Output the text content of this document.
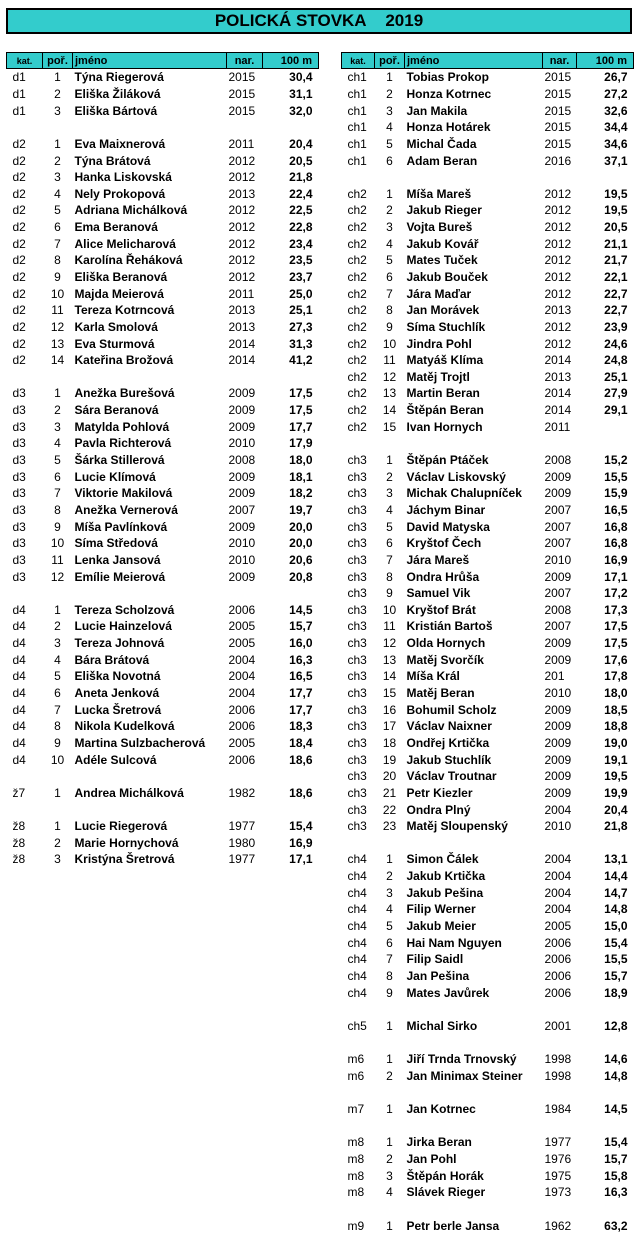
POLICKÁ STOVKA 2019
kat.	poř.	jméno	nar.	100 m
d1	1	Týna Riegerová	2015	30,4
d1	2	Eliška Žiláková	2015	31,1
d1	3	Eliška Bártová	2015	32,0

d2	1	Eva Maixnerová	2011	20,4
d2	2	Týna Brátová	2012	20,5
d2	3	Hanka Liskovská	2012	21,8
d2	4	Nely Prokopová	2013	22,4
d2	5	Adriana Michálková	2012	22,5
d2	6	Ema Beranová	2012	22,8
d2	7	Alice Melicharová	2012	23,4
d2	8	Karolína Řeháková	2012	23,5
d2	9	Eliška Beranová	2012	23,7
d2	10	Majda Meierová	2011	25,0
d2	11	Tereza Kotrncová	2013	25,1
d2	12	Karla Smolová	2013	27,3
d2	13	Eva Sturmová	2014	31,3
d2	14	Kateřina Brožová	2014	41,2

d3	1	Anežka Burešová	2009	17,5
d3	2	Sára Beranová	2009	17,5
d3	3	Matylda Pohlová	2009	17,7
d3	4	Pavla Richterová	2010	17,9
d3	5	Šárka Stillerová	2008	18,0
d3	6	Lucie Klímová	2009	18,1
d3	7	Viktorie Makilová	2009	18,2
d3	8	Anežka Vernerová	2007	19,7
d3	9	Míša Pavlínková	2009	20,0
d3	10	Síma Středová	2010	20,0
d3	11	Lenka Jansová	2010	20,6
d3	12	Emílie Meierová	2009	20,8

d4	1	Tereza Scholzová	2006	14,5
d4	2	Lucie Hainzelová	2005	15,7
d4	3	Tereza Johnová	2005	16,0
d4	4	Bára Brátová	2004	16,3
d4	5	Eliška Novotná	2004	16,5
d4	6	Aneta Jenková	2004	17,7
d4	7	Lucka Šretrová	2006	17,7
d4	8	Nikola Kudelková	2006	18,3
d4	9	Martina Sulzbacherová	2005	18,4
d4	10	Adéle Sulcová	2006	18,6

ž7	1	Andrea Michálková	1982	18,6

ž8	1	Lucie Riegerová	1977	15,4
ž8	2	Marie Hornychová	1980	16,9
ž8	3	Kristýna Šretrová	1977	17,1
kat.	poř.	jméno	nar.	100 m
ch1	1	Tobias Prokop	2015	26,7
ch1	2	Honza Kotrnec	2015	27,2
ch1	3	Jan Makila	2015	32,6
ch1	4	Honza Hotárek	2015	34,4
ch1	5	Michal Čada	2015	34,6
ch1	6	Adam Beran	2016	37,1

ch2	1	Míša Mareš	2012	19,5
ch2	2	Jakub Rieger	2012	19,5
ch2	3	Vojta Bureš	2012	20,5
ch2	4	Jakub Kovář	2012	21,1
ch2	5	Mates Tuček	2012	21,7
ch2	6	Jakub Bouček	2012	22,1
ch2	7	Jára Maďar	2012	22,7
ch2	8	Jan Morávek	2013	22,7
ch2	9	Síma Stuchlík	2012	23,9
ch2	10	Jindra Pohl	2012	24,6
ch2	11	Matyáš Klíma	2014	24,8
ch2	12	Matěj Trojtl	2013	25,1
ch2	13	Martin Beran	2014	27,9
ch2	14	Štěpán Beran	2014	29,1
ch2	15	Ivan Hornych	2011	

ch3	1	Štěpán Ptáček	2008	15,2
ch3	2	Václav Liskovský	2009	15,5
ch3	3	Michak Chalupníček	2009	15,9
ch3	4	Jáchym Binar	2007	16,5
ch3	5	David Matyska	2007	16,8
ch3	6	Kryštof Čech	2007	16,8
ch3	7	Jára Mareš	2010	16,9
ch3	8	Ondra Hrůša	2009	17,1
ch3	9	Samuel Vik	2007	17,2
ch3	10	Kryštof Brát	2008	17,3
ch3	11	Kristián Bartoš	2007	17,5
ch3	12	Olda Hornych	2009	17,5
ch3	13	Matěj Svorčík	2009	17,6
ch3	14	Míša Král	201	17,8
ch3	15	Matěj Beran	2010	18,0
ch3	16	Bohumil Scholz	2009	18,5
ch3	17	Václav Naixner	2009	18,8
ch3	18	Ondřej Krtička	2009	19,0
ch3	19	Jakub Stuchlík	2009	19,1
ch3	20	Václav Troutnar	2009	19,5
ch3	21	Petr Kiezler	2009	19,9
ch3	22	Ondra Plný	2004	20,4
ch3	23	Matěj Sloupenský	2010	21,8

ch4	1	Simon Čálek	2004	13,1
ch4	2	Jakub Krtička	2004	14,4
ch4	3	Jakub Pešina	2004	14,7
ch4	4	Filip Werner	2004	14,8
ch4	5	Jakub Meier	2005	15,0
ch4	6	Hai Nam Nguyen	2006	15,4
ch4	7	Filip Saidl	2006	15,5
ch4	8	Jan Pešina	2006	15,7
ch4	9	Mates Javůrek	2006	18,9

ch5	1	Michal Sirko	2001	12,8

m6	1	Jiří Trnda Trnovský	1998	14,6
m6	2	Jan Minimax Steiner	1998	14,8

m7	1	Jan Kotrnec	1984	14,5

m8	1	Jirka Beran	1977	15,4
m8	2	Jan Pohl	1976	15,7
m8	3	Štěpán Horák	1975	15,8
m8	4	Slávek Rieger	1973	16,3

m9	1	Petr berle Jansa	1962	63,2
